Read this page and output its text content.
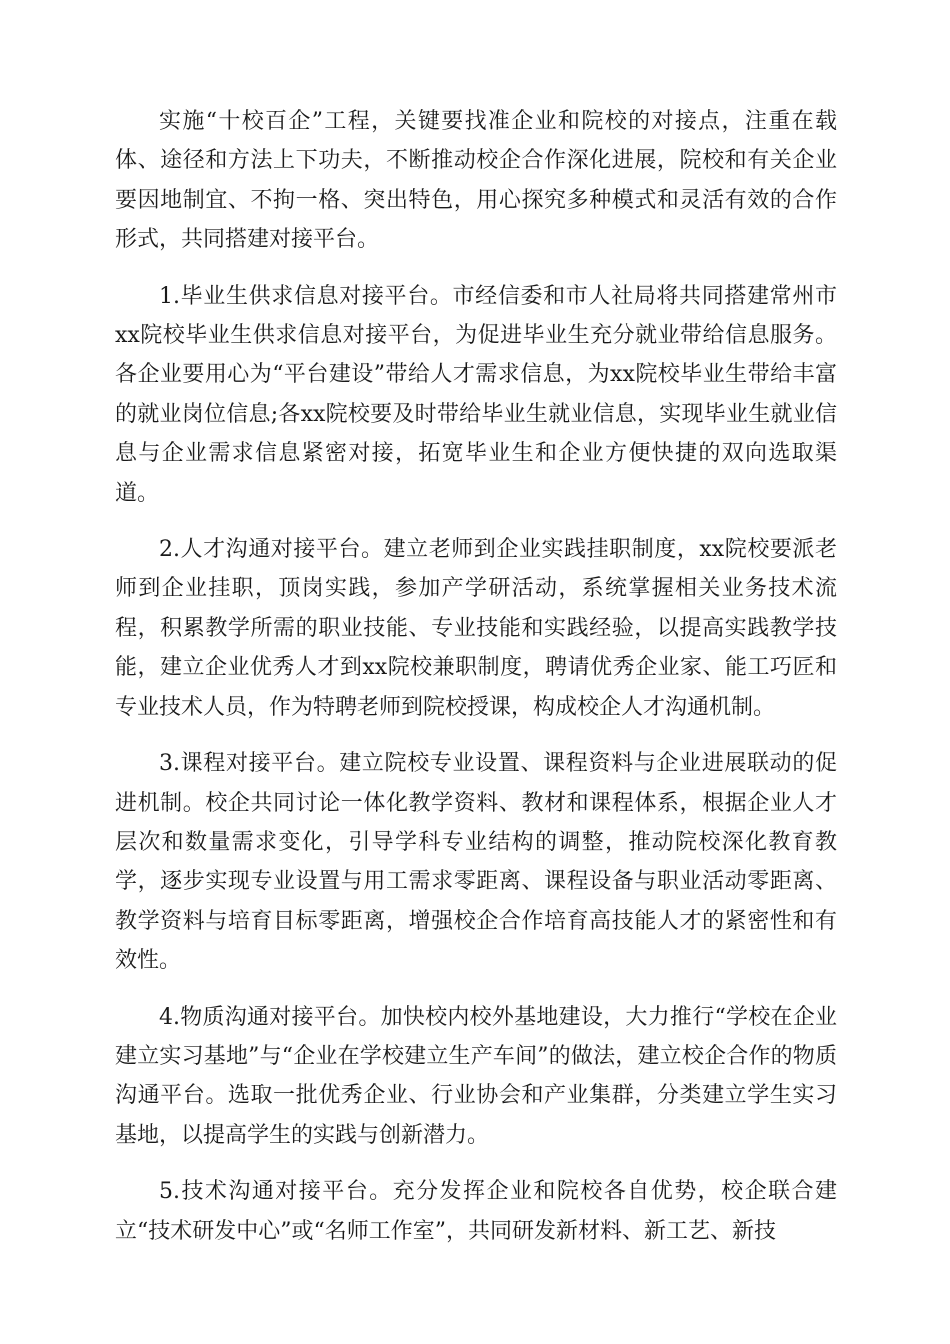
实施“十校百企”工程，关键要找准企业和院校的对接点，注重在载体、途径和方法上下功夫，不断推动校企合作深化进展，院校和有关企业要因地制宜、不拘一格、突出特色，用心探究多种模式和灵活有效的合作形式，共同搭建对接平台。

1.毕业生供求信息对接平台。市经信委和市人社局将共同搭建常州市xx院校毕业生供求信息对接平台，为促进毕业生充分就业带给信息服务。各企业要用心为“平台建设”带给人才需求信息，为xx院校毕业生带给丰富的就业岗位信息;各xx院校要及时带给毕业生就业信息，实现毕业生就业信息与企业需求信息紧密对接，拓宽毕业生和企业方便快捷的双向选取渠道。

2.人才沟通对接平台。建立老师到企业实践挂职制度，xx院校要派老师到企业挂职，顶岗实践，参加产学研活动，系统掌握相关业务技术流程，积累教学所需的职业技能、专业技能和实践经验，以提高实践教学技能，建立企业优秀人才到xx院校兼职制度，聘请优秀企业家、能工巧匠和专业技术人员，作为特聘老师到院校授课，构成校企人才沟通机制。

3.课程对接平台。建立院校专业设置、课程资料与企业进展联动的促进机制。校企共同讨论一体化教学资料、教材和课程体系，根据企业人才层次和数量需求变化，引导学科专业结构的调整，推动院校深化教育教学，逐步实现专业设置与用工需求零距离、课程设备与职业活动零距离、教学资料与培育目标零距离，增强校企合作培育高技能人才的紧密性和有效性。

4.物质沟通对接平台。加快校内校外基地建设，大力推行“学校在企业建立实习基地”与“企业在学校建立生产车间”的做法，建立校企合作的物质沟通平台。选取一批优秀企业、行业协会和产业集群，分类建立学生实习基地，以提高学生的实践与创新潜力。

5.技术沟通对接平台。充分发挥企业和院校各自优势，校企联合建立“技术研发中心”或“名师工作室”，共同研发新材料、新工艺、新技
